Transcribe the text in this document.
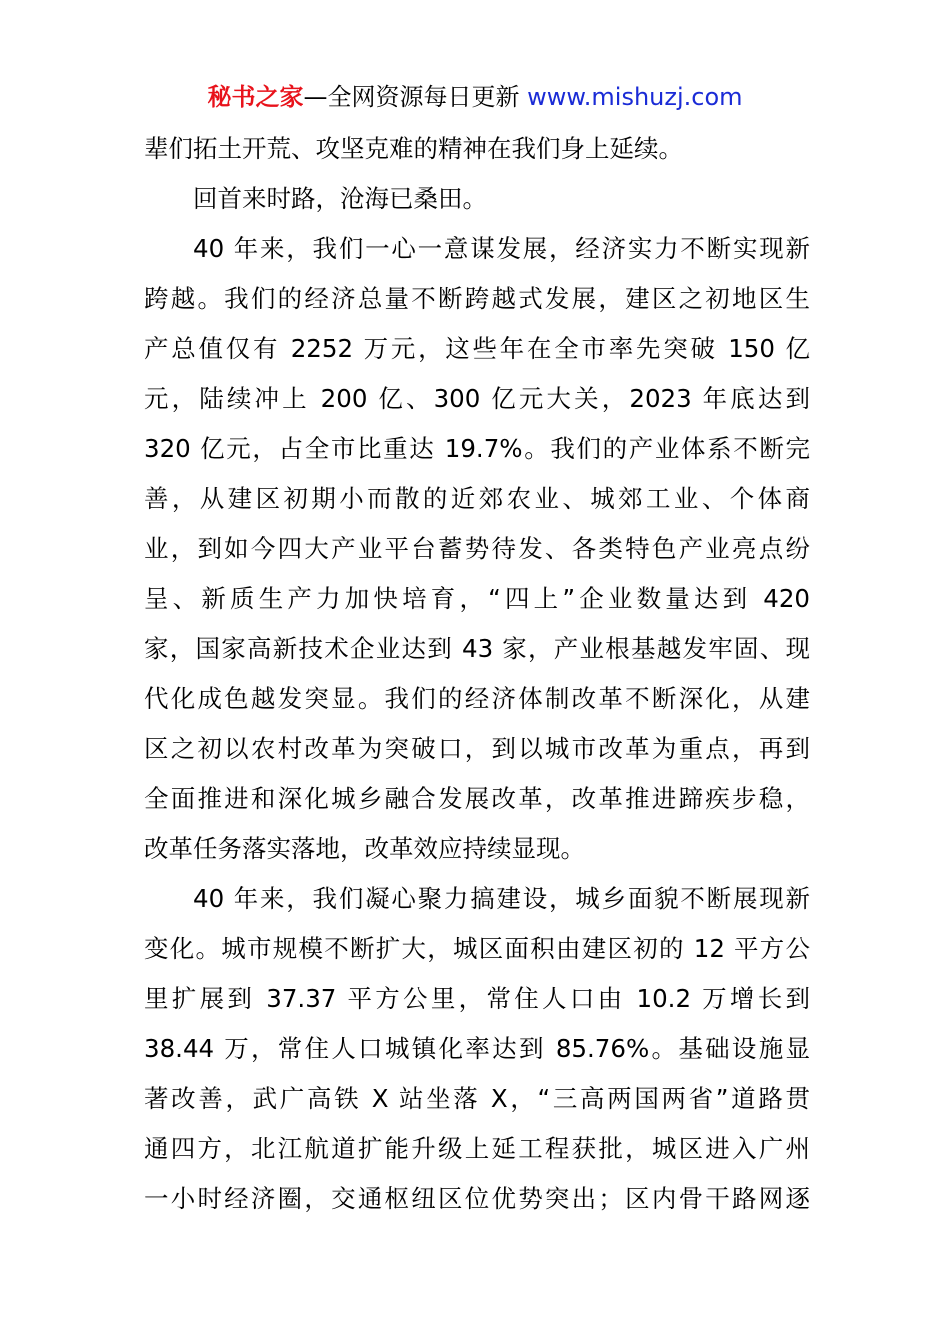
秘书之家—全网资源每日更新 www.mishuzj.com
辈们拓土开荒、攻坚克难的精神在我们身上延续。
回首来时路，沧海已桑田。
40 年来，我们一心一意谋发展，经济实力不断实现新
跨越。我们的经济总量不断跨越式发展，建区之初地区生
产总值仅有 2252 万元，这些年在全市率先突破 150 亿
元，陆续冲上 200 亿、300 亿元大关，2023 年底达到
320 亿元，占全市比重达 19.7%。我们的产业体系不断完
善，从建区初期小而散的近郊农业、城郊工业、个体商
业，到如今四大产业平台蓄势待发、各类特色产业亮点纷
呈、新质生产力加快培育，“四上”企业数量达到 420
家，国家高新技术企业达到 43 家，产业根基越发牢固、现
代化成色越发突显。我们的经济体制改革不断深化，从建
区之初以农村改革为突破口，到以城市改革为重点，再到
全面推进和深化城乡融合发展改革，改革推进蹄疾步稳，
改革任务落实落地，改革效应持续显现。
40 年来，我们凝心聚力搞建设，城乡面貌不断展现新
变化。城市规模不断扩大，城区面积由建区初的 12 平方公
里扩展到 37.37 平方公里，常住人口由 10.2 万增长到
38.44 万，常住人口城镇化率达到 85.76%。基础设施显
著改善，武广高铁 X 站坐落 X，“三高两国两省”道路贯
通四方，北江航道扩能升级上延工程获批，城区进入广州
一小时经济圈，交通枢纽区位优势突出；区内骨干路网逐
